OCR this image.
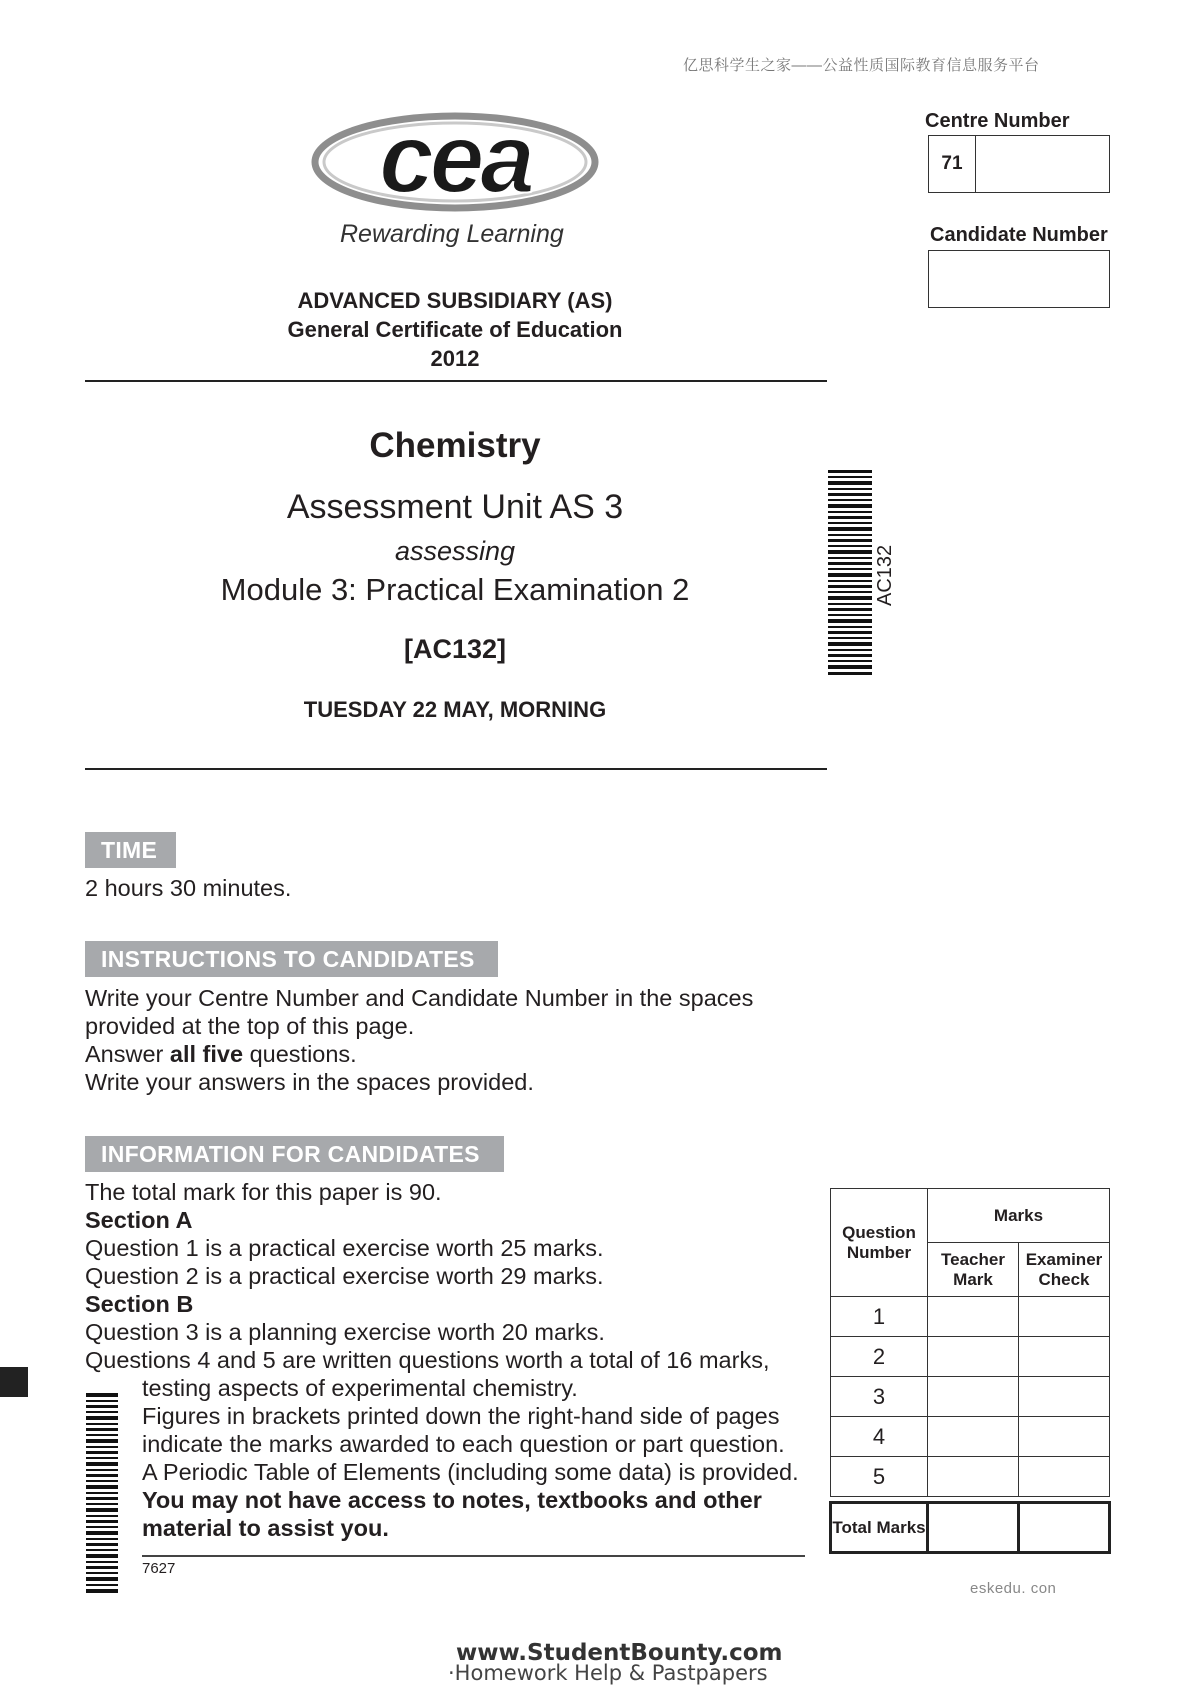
亿思科学生之家——公益性质国际教育信息服务平台
cea
Rewarding Learning
Centre Number
71
Candidate Number
ADVANCED SUBSIDIARY (AS)
General Certificate of Education
2012
Chemistry
Assessment Unit AS 3
assessing
Module 3: Practical Examination 2
[AC132]
TUESDAY 22 MAY, MORNING
AC132
TIME
2 hours 30 minutes.
INSTRUCTIONS TO CANDIDATES
Write your Centre Number and Candidate Number in the spaces
provided at the top of this page.
Answer all five questions.
Write your answers in the spaces provided.
INFORMATION FOR CANDIDATES
The total mark for this paper is 90.
Section A
Question 1 is a practical exercise worth 25 marks.
Question 2 is a practical exercise worth 29 marks.
Section B
Question 3 is a planning exercise worth 20 marks.
Questions 4 and 5 are written questions worth a total of 16 marks,
testing aspects of experimental chemistry.
Figures in brackets printed down the right-hand side of pages
indicate the marks awarded to each question or part question.
A Periodic Table of Elements (including some data) is provided.
You may not have access to notes, textbooks and other
material to assist you.
Question Number	Marks	
	Teacher Mark	Examiner Check
1		
2		
3		
4		
5		

Total Marks		
7627
eskedu. con
www.StudentBounty.com
·Homework Help & Pastpapers
